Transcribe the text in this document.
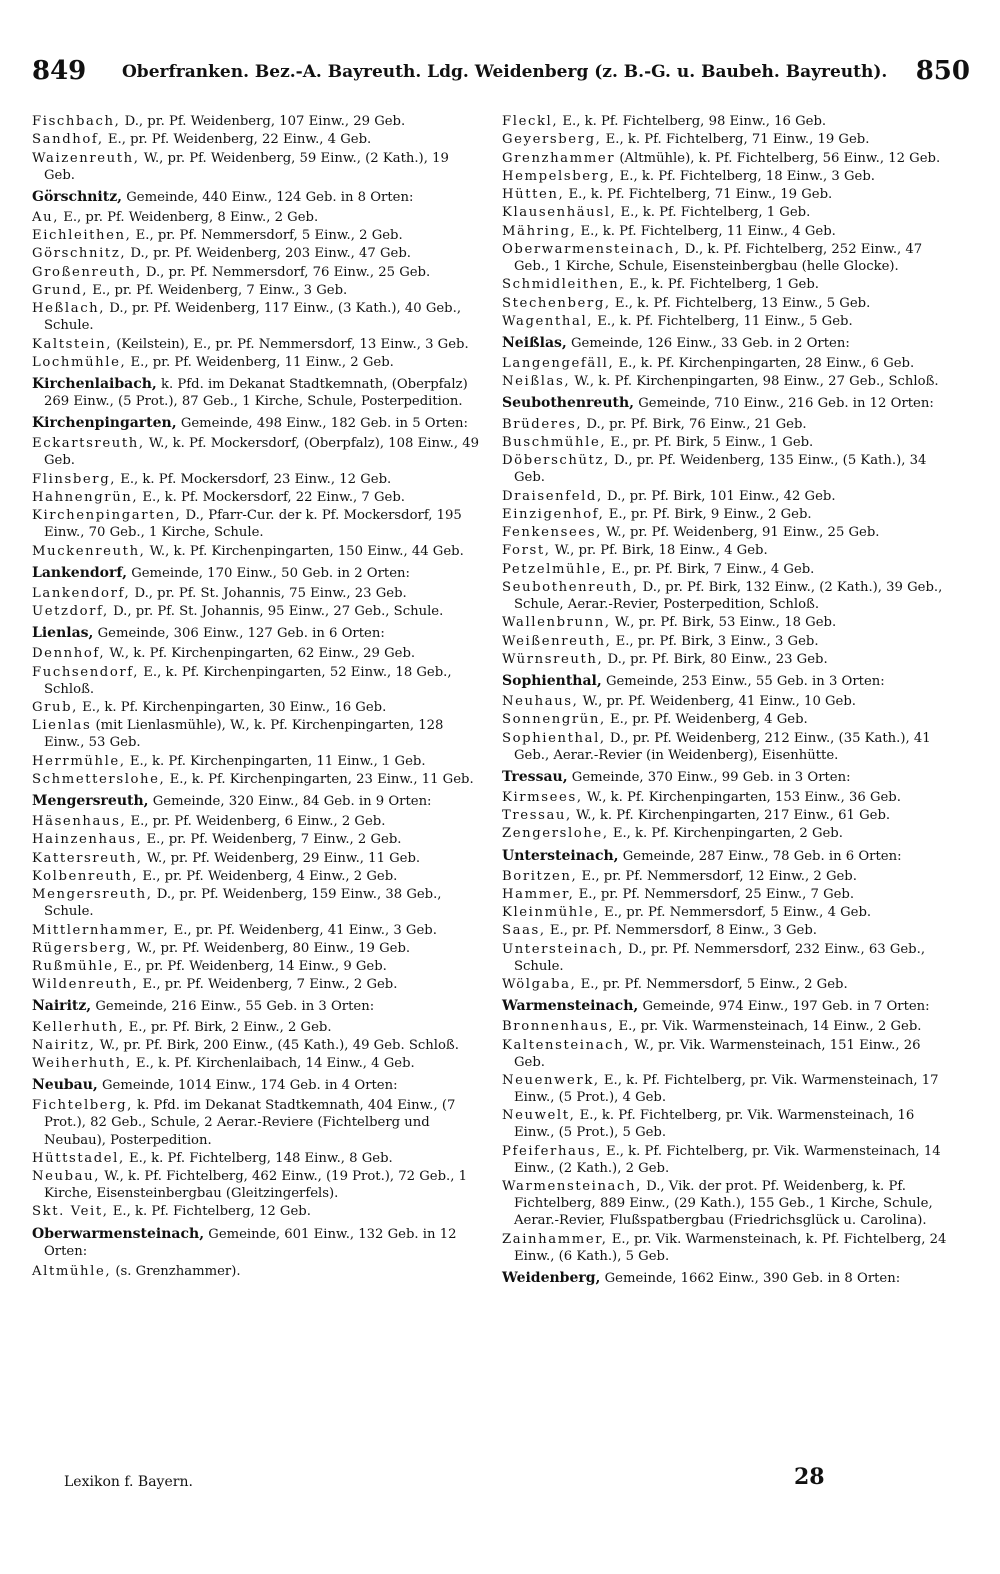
849 Oberfranken. Bez.-A. Bayreuth. Ldg. Weidenberg (z. B.-G. u. Baubeh. Bayreuth). 850
Fischbach, D., pr. Pf. Weidenberg, 107 Einw., 29 Geb.
Sandhof, E., pr. Pf. Weidenberg, 22 Einw., 4 Geb.
Waizenreuth, W., pr. Pf. Weidenberg, 59 Einw., (2 Kath.), 19 Geb.
Görschnitz, Gemeinde, 440 Einw., 124 Geb. in 8 Orten:
Au, E., pr. Pf. Weidenberg, 8 Einw., 2 Geb.
Eichleithen, E., pr. Pf. Nemmersdorf, 5 Einw., 2 Geb.
Görschnitz, D., pr. Pf. Weidenberg, 203 Einw., 47 Geb.
Großenreuth, D., pr. Pf. Nemmersdorf, 76 Einw., 25 Geb.
Grund, E., pr. Pf. Weidenberg, 7 Einw., 3 Geb.
Heßlach, D., pr. Pf. Weidenberg, 117 Einw., (3 Kath.), 40 Geb., Schule.
Kaltstein, (Keilstein), E., pr. Pf. Nemmersdorf, 13 Einw., 3 Geb.
Lochmühle, E., pr. Pf. Weidenberg, 11 Einw., 2 Geb.
Kirchenlaibach, k. Pfd. im Dekanat Stadtkemnath, (Oberpfalz) 269 Einw., (5 Prot.), 87 Geb., 1 Kirche, Schule, Posterpedition.
Kirchenpingarten, Gemeinde, 498 Einw., 182 Geb. in 5 Orten:
Eckartsreuth, W., k. Pf. Mockersdorf, (Oberpfalz), 108 Einw., 49 Geb.
Flinsberg, E., k. Pf. Mockersdorf, 23 Einw., 12 Geb.
Hahnengrün, E., k. Pf. Mockersdorf, 22 Einw., 7 Geb.
Kirchenpingarten, D., Pfarr-Cur. der k. Pf. Mockersdorf, 195 Einw., 70 Geb., 1 Kirche, Schule.
Muckenreuth, W., k. Pf. Kirchenpingarten, 150 Einw., 44 Geb.
Lankendorf, Gemeinde, 170 Einw., 50 Geb. in 2 Orten:
Lankendorf, D., pr. Pf. St. Johannis, 75 Einw., 23 Geb.
Uetzdorf, D., pr. Pf. St. Johannis, 95 Einw., 27 Geb., Schule.
Lienlas, Gemeinde, 306 Einw., 127 Geb. in 6 Orten:
Dennhof, W., k. Pf. Kirchenpingarten, 62 Einw., 29 Geb.
Fuchsendorf, E., k. Pf. Kirchenpingarten, 52 Einw., 18 Geb., Schloß.
Grub, E., k. Pf. Kirchenpingarten, 30 Einw., 16 Geb.
Lienlas (mit Lienlasmühle), W., k. Pf. Kirchenpingarten, 128 Einw., 53 Geb.
Herrmühle, E., k. Pf. Kirchenpingarten, 11 Einw., 1 Geb.
Schmetterslohe, E., k. Pf. Kirchenpingarten, 23 Einw., 11 Geb.
Mengersreuth, Gemeinde, 320 Einw., 84 Geb. in 9 Orten:
Häsenhaus, E., pr. Pf. Weidenberg, 6 Einw., 2 Geb.
Hainzenhaus, E., pr. Pf. Weidenberg, 7 Einw., 2 Geb.
Kattersreuth, W., pr. Pf. Weidenberg, 29 Einw., 11 Geb.
Kolbenreuth, E., pr. Pf. Weidenberg, 4 Einw., 2 Geb.
Mengersreuth, D., pr. Pf. Weidenberg, 159 Einw., 38 Geb., Schule.
Mittlernhammer, E., pr. Pf. Weidenberg, 41 Einw., 3 Geb.
Rügersberg, W., pr. Pf. Weidenberg, 80 Einw., 19 Geb.
Rußmühle, E., pr. Pf. Weidenberg, 14 Einw., 9 Geb.
Wildenreuth, E., pr. Pf. Weidenberg, 7 Einw., 2 Geb.
Nairitz, Gemeinde, 216 Einw., 55 Geb. in 3 Orten:
Kellerhuth, E., pr. Pf. Birk, 2 Einw., 2 Geb.
Nairitz, W., pr. Pf. Birk, 200 Einw., (45 Kath.), 49 Geb. Schloß.
Weiherhuth, E., k. Pf. Kirchenlaibach, 14 Einw., 4 Geb.
Neubau, Gemeinde, 1014 Einw., 174 Geb. in 4 Orten:
Fichtelberg, k. Pfd. im Dekanat Stadtkemnath, 404 Einw., (7 Prot.), 82 Geb., Schule, 2 Aerar.-Reviere (Fichtelberg und Neubau), Posterpedition.
Hüttstadel, E., k. Pf. Fichtelberg, 148 Einw., 8 Geb.
Neubau, W., k. Pf. Fichtelberg, 462 Einw., (19 Prot.), 72 Geb., 1 Kirche, Eisensteinbergbau (Gleitzingerfels).
Skt. Veit, E., k. Pf. Fichtelberg, 12 Geb.
Oberwarmensteinach, Gemeinde, 601 Einw., 132 Geb. in 12 Orten:
Altmühle, (s. Grenzhammer).
Fleckl, E., k. Pf. Fichtelberg, 98 Einw., 16 Geb.
Geyersberg, E., k. Pf. Fichtelberg, 71 Einw., 19 Geb.
Grenzhammer (Altmühle), k. Pf. Fichtelberg, 56 Einw., 12 Geb.
Hempelsberg, E., k. Pf. Fichtelberg, 18 Einw., 3 Geb.
Hütten, E., k. Pf. Fichtelberg, 71 Einw., 19 Geb.
Klausenhäusl, E., k. Pf. Fichtelberg, 1 Geb.
Mähring, E., k. Pf. Fichtelberg, 11 Einw., 4 Geb.
Oberwarmensteinach, D., k. Pf. Fichtelberg, 252 Einw., 47 Geb., 1 Kirche, Schule, Eisensteinbergbau (helle Glocke).
Schmidleithen, E., k. Pf. Fichtelberg, 1 Geb.
Stechenberg, E., k. Pf. Fichtelberg, 13 Einw., 5 Geb.
Wagenthal, E., k. Pf. Fichtelberg, 11 Einw., 5 Geb.
Neißlas, Gemeinde, 126 Einw., 33 Geb. in 2 Orten:
Langengefäll, E., k. Pf. Kirchenpingarten, 28 Einw., 6 Geb.
Neißlas, W., k. Pf. Kirchenpingarten, 98 Einw., 27 Geb., Schloß.
Seubothenreuth, Gemeinde, 710 Einw., 216 Geb. in 12 Orten:
Brüderes, D., pr. Pf. Birk, 76 Einw., 21 Geb.
Buschmühle, E., pr. Pf. Birk, 5 Einw., 1 Geb.
Döberschütz, D., pr. Pf. Weidenberg, 135 Einw., (5 Kath.), 34 Geb.
Draisenfeld, D., pr. Pf. Birk, 101 Einw., 42 Geb.
Einzigenhof, E., pr. Pf. Birk, 9 Einw., 2 Geb.
Fenkensees, W., pr. Pf. Weidenberg, 91 Einw., 25 Geb.
Forst, W., pr. Pf. Birk, 18 Einw., 4 Geb.
Petzelmühle, E., pr. Pf. Birk, 7 Einw., 4 Geb.
Seubothenreuth, D., pr. Pf. Birk, 132 Einw., (2 Kath.), 39 Geb., Schule, Aerar.-Revier, Posterpedition, Schloß.
Wallenbrunn, W., pr. Pf. Birk, 53 Einw., 18 Geb.
Weißenreuth, E., pr. Pf. Birk, 3 Einw., 3 Geb.
Würnsreuth, D., pr. Pf. Birk, 80 Einw., 23 Geb.
Sophienthal, Gemeinde, 253 Einw., 55 Geb. in 3 Orten:
Neuhaus, W., pr. Pf. Weidenberg, 41 Einw., 10 Geb.
Sonnengrün, E., pr. Pf. Weidenberg, 4 Geb.
Sophienthal, D., pr. Pf. Weidenberg, 212 Einw., (35 Kath.), 41 Geb., Aerar.-Revier (in Weidenberg), Eisenhütte.
Tressau, Gemeinde, 370 Einw., 99 Geb. in 3 Orten:
Kirmsees, W., k. Pf. Kirchenpingarten, 153 Einw., 36 Geb.
Tressau, W., k. Pf. Kirchenpingarten, 217 Einw., 61 Geb.
Zengerslohe, E., k. Pf. Kirchenpingarten, 2 Geb.
Untersteinach, Gemeinde, 287 Einw., 78 Geb. in 6 Orten:
Boritzen, E., pr. Pf. Nemmersdorf, 12 Einw., 2 Geb.
Hammer, E., pr. Pf. Nemmersdorf, 25 Einw., 7 Geb.
Kleinmühle, E., pr. Pf. Nemmersdorf, 5 Einw., 4 Geb.
Saas, E., pr. Pf. Nemmersdorf, 8 Einw., 3 Geb.
Untersteinach, D., pr. Pf. Nemmersdorf, 232 Einw., 63 Geb., Schule.
Wölgaba, E., pr. Pf. Nemmersdorf, 5 Einw., 2 Geb.
Warmensteinach, Gemeinde, 974 Einw., 197 Geb. in 7 Orten:
Bronnenhaus, E., pr. Vik. Warmensteinach, 14 Einw., 2 Geb.
Kaltensteinach, W., pr. Vik. Warmensteinach, 151 Einw., 26 Geb.
Neuenwerk, E., k. Pf. Fichtelberg, pr. Vik. Warmensteinach, 17 Einw., (5 Prot.), 4 Geb.
Neuwelt, E., k. Pf. Fichtelberg, pr. Vik. Warmensteinach, 16 Einw., (5 Prot.), 5 Geb.
Pfeiferhaus, E., k. Pf. Fichtelberg, pr. Vik. Warmensteinach, 14 Einw., (2 Kath.), 2 Geb.
Warmensteinach, D., Vik. der prot. Pf. Weidenberg, k. Pf. Fichtelberg, 889 Einw., (29 Kath.), 155 Geb., 1 Kirche, Schule, Aerar.-Revier, Flußspatbergbau (Friedrichsglück u. Carolina).
Zainhammer, E., pr. Vik. Warmensteinach, k. Pf. Fichtelberg, 24 Einw., (6 Kath.), 5 Geb.
Weidenberg, Gemeinde, 1662 Einw., 390 Geb. in 8 Orten:
Lexikon f. Bayern.	28
